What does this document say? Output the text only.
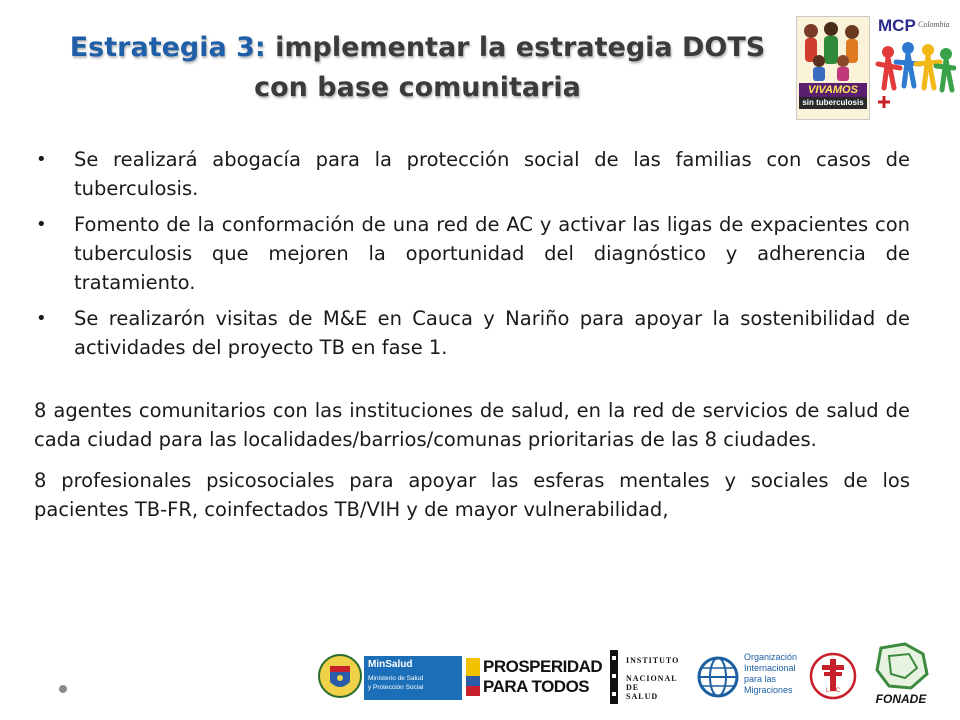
Estrategia 3: implementar la estrategia DOTS
con base comunitaria	VIVAMOS
sin tuberculosis
MCP Colombia
• Se realizará abogacía para la protección social de las familias con casos de tuberculosis.
• Fomento de la conformación de una red de AC y activar las ligas de expacientes con tuberculosis que mejoren la oportunidad del diagnóstico y adherencia de tratamiento.
• Se realizarón visitas de M&E en Cauca y Nariño para apoyar la sostenibilidad de actividades del proyecto TB en fase 1.

8 agentes comunitarios con las instituciones de salud, en la red de servicios de salud de cada ciudad para las localidades/barrios/comunas prioritarias de las 8 ciudades.

8 profesionales psicosociales para apoyar las esferas mentales y sociales de los pacientes TB-FR, coinfectados TB/VIH y de mayor vulnerabilidad,

MinSalud
Ministerio de Salud
y Protección Social
PROSPERIDAD
PARA TODOS
INSTITUTO
NACIONAL DE
SALUD
Organización
Internacional
para las
Migraciones	L A C
FONADE
